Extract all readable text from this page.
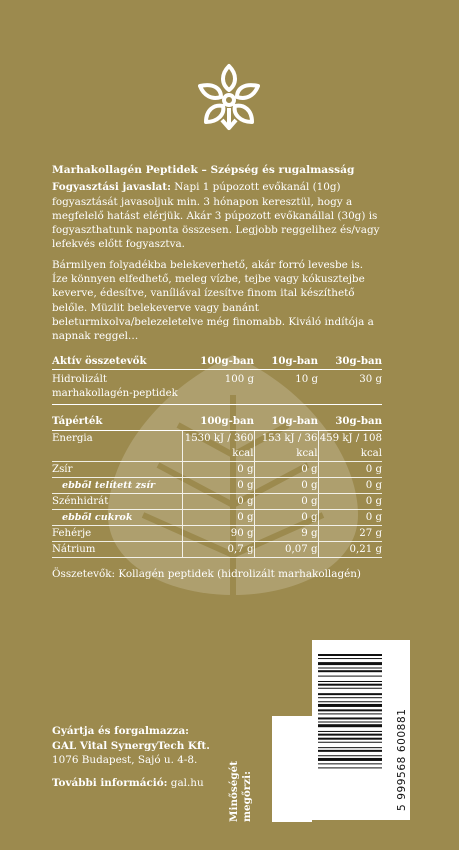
Marhakollagén Peptidek – Szépség és rugalmasság

Fogyasztási javaslat: Napi 1 púpozott evőkanál (10g) fogyasztását javasoljuk min. 3 hónapon keresztül, hogy a megfelelő hatást elérjük. Akár 3 púpozott evőkanállal (30g) is fogyaszthatunk naponta összesen. Legjobb reggelihez és/vagy lefekvés előtt fogyasztva.

Bármilyen folyadékba belekeverhető, akár forró levesbe is. Íze könnyen elfedhető, meleg vízbe, tejbe vagy kókusztejbe keverve, édesítve, vaníliával ízesítve finom ital készíthető belőle. Müzlit belekeverve vagy banánt beleturmixolva/belezeletelve még finomabb. Kiváló indítója a napnak reggel…

Aktív összetevők	100g-ban	10g-ban	30g-ban
Hidrolizált marhakollagén-peptidek	100 g	10 g	30 g
Tápérték	100g-ban	10g-ban	30g-ban
Energia	1530 kJ / 360 kcal	153 kJ / 36 kcal	459 kJ / 108 kcal
Zsír	0 g	0 g	0 g
ebből telített zsír	0 g	0 g	0 g
Szénhidrát	0 g	0 g	0 g
ebből cukrok	0 g	0 g	0 g
Fehérje	90 g	9 g	27 g
Nátrium	0,7 g	0,07 g	0,21 g

Összetevők: Kollagén peptidek (hidrolizált marhakollagén)

Gyártja és forgalmazza:
GAL Vital SynergyTech Kft.
1076 Budapest, Sajó u. 4-8.
További információ: gal.hu	Minőségét megőrzi:	5 999568 600881
